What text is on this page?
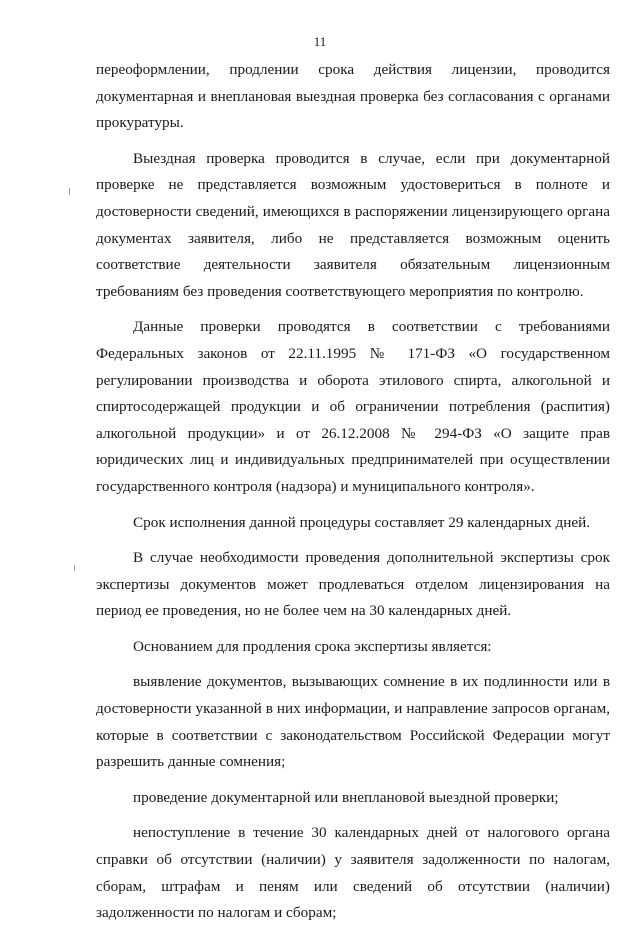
11

переоформлении, продлении срока действия лицензии, проводится документарная и внеплановая выездная проверка без согласования с органами прокуратуры.

Выездная проверка проводится в случае, если при документарной проверке не представляется возможным удостовериться в полноте и достоверности сведений, имеющихся в распоряжении лицензирующего органа документах заявителя, либо не представляется возможным оценить соответствие деятельности заявителя обязательным лицензионным требованиям без проведения соответствующего мероприятия по контролю.

Данные проверки проводятся в соответствии с требованиями Федеральных законов от 22.11.1995 № 171-ФЗ «О государственном регулировании производства и оборота этилового спирта, алкогольной и спиртосодержащей продукции и об ограничении потребления (распития) алкогольной продукции» и от 26.12.2008 № 294-ФЗ «О защите прав юридических лиц и индивидуальных предпринимателей при осуществлении государственного контроля (надзора) и муниципального контроля».

Срок исполнения данной процедуры составляет 29 календарных дней.

В случае необходимости проведения дополнительной экспертизы срок экспертизы документов может продлеваться отделом лицензирования на период ее проведения, но не более чем на 30 календарных дней.

Основанием для продления срока экспертизы является:

выявление документов, вызывающих сомнение в их подлинности или в достоверности указанной в них информации, и направление запросов органам, которые в соответствии с законодательством Российской Федерации могут разрешить данные сомнения;

проведение документарной или внеплановой выездной проверки;

непоступление в течение 30 календарных дней от налогового органа справки об отсутствии (наличии) у заявителя задолженности по налогам, сборам, штрафам и пеням или сведений об отсутствии (наличии) задолженности по налогам и сборам;
